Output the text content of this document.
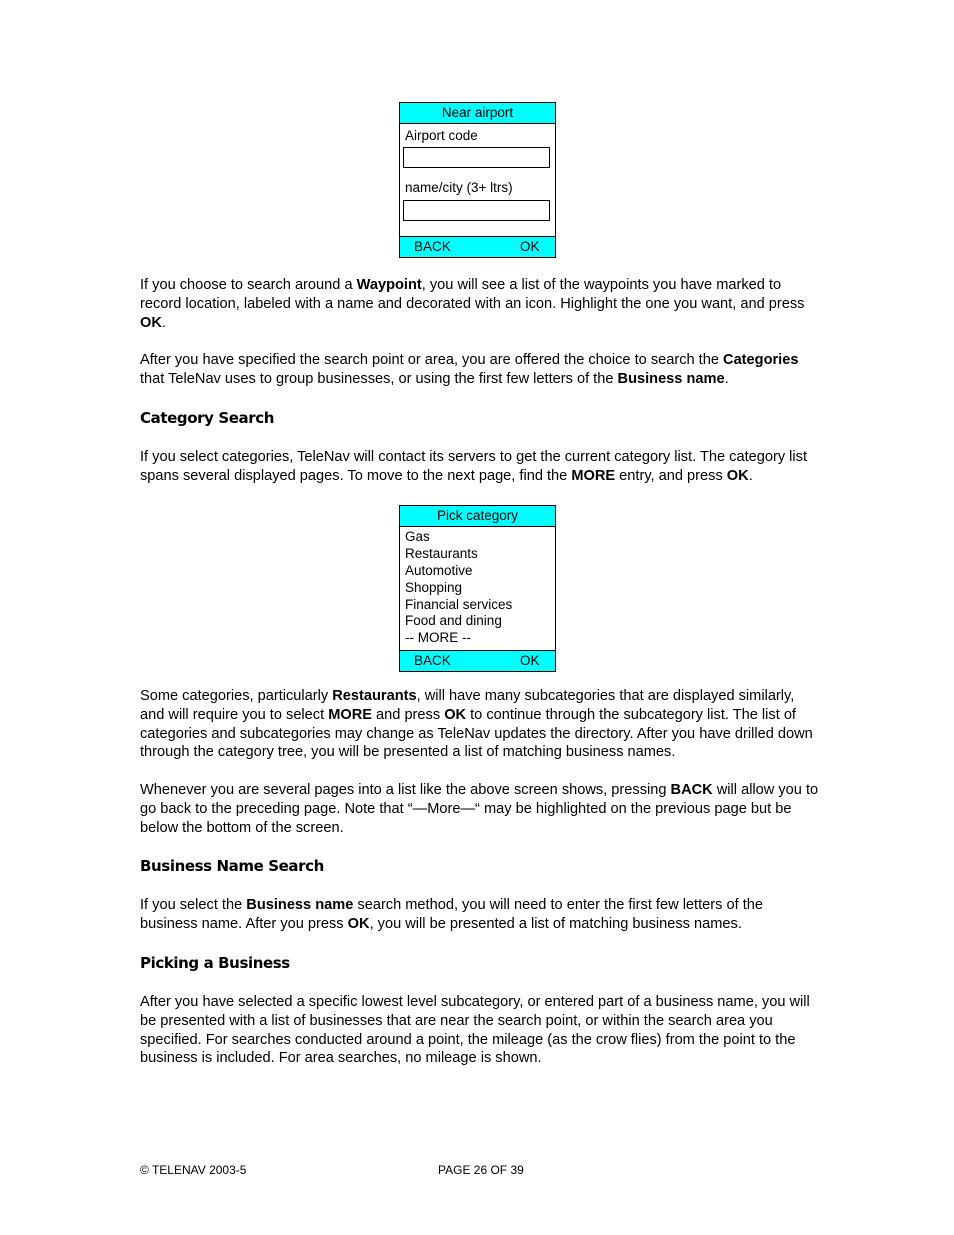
Near airport
Airport code
name/city (3+ ltrs)
BACK	OK
If you choose to search around a Waypoint, you will see a list of the waypoints you have marked to record location, labeled with a name and decorated with an icon. Highlight the one you want, and press OK.
After you have specified the search point or area, you are offered the choice to search the Categories that TeleNav uses to group businesses, or using the first few letters of the Business name.
Category Search
If you select categories, TeleNav will contact its servers to get the current category list. The category list spans several displayed pages. To move to the next page, find the MORE entry, and press OK.
Pick category
Gas
Restaurants
Automotive
Shopping
Financial services
Food and dining
-- MORE --
BACK	OK
Some categories, particularly Restaurants, will have many subcategories that are displayed similarly, and will require you to select MORE and press OK to continue through the subcategory list. The list of categories and subcategories may change as TeleNav updates the directory. After you have drilled down through the category tree, you will be presented a list of matching business names.
Whenever you are several pages into a list like the above screen shows, pressing BACK will allow you to go back to the preceding page. Note that “—More—“ may be highlighted on the previous page but be below the bottom of the screen.
Business Name Search
If you select the Business name search method, you will need to enter the first few letters of the business name. After you press OK, you will be presented a list of matching business names.
Picking a Business
After you have selected a specific lowest level subcategory, or entered part of a business name, you will be presented with a list of businesses that are near the search point, or within the search area you specified. For searches conducted around a point, the mileage (as the crow flies) from the point to the business is included. For area searches, no mileage is shown.
© TELENAV 2003-5	PAGE 26 OF 39
